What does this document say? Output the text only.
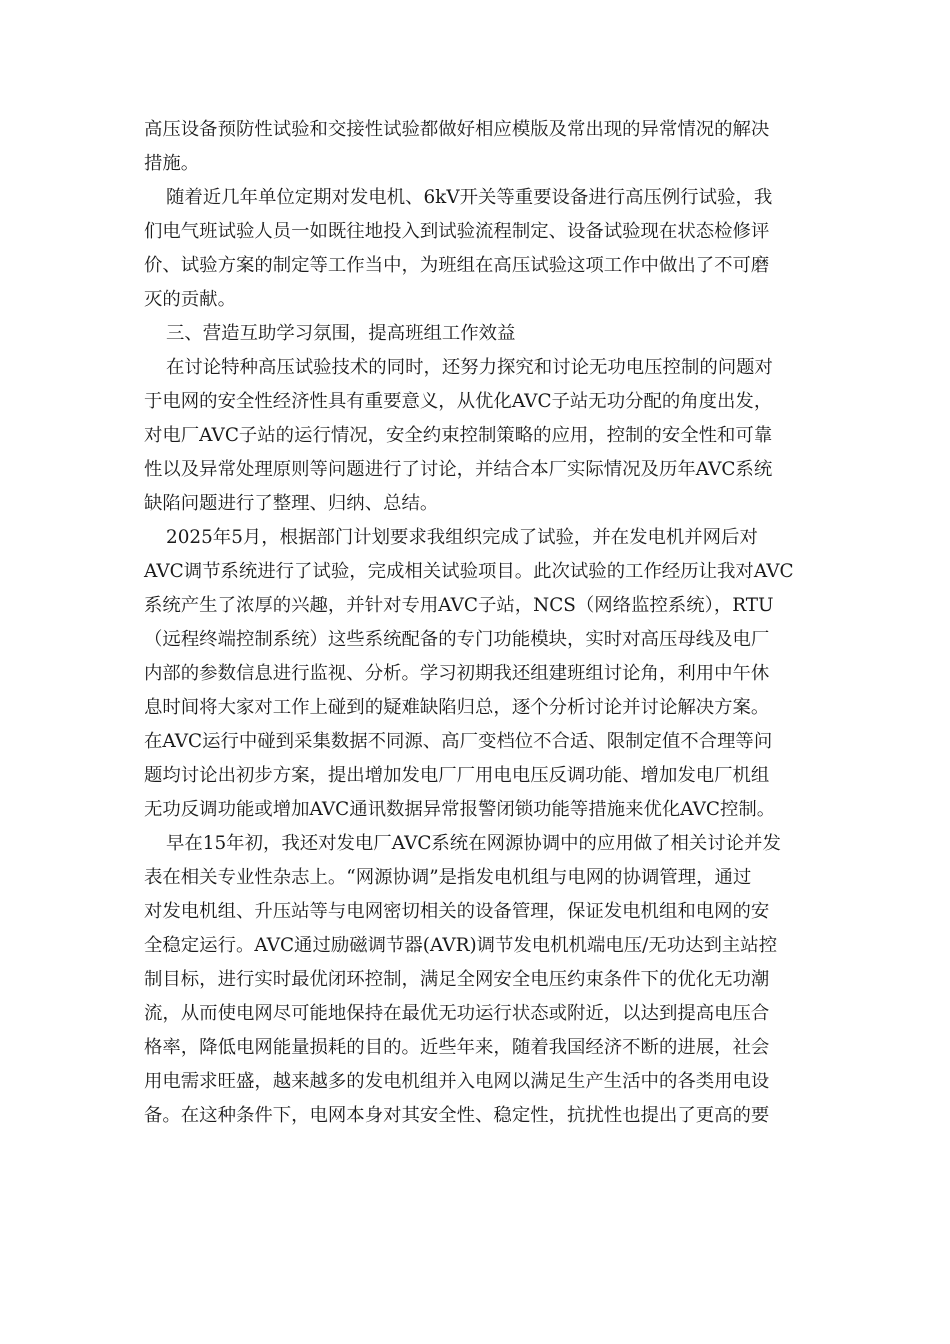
高压设备预防性试验和交接性试验都做好相应模版及常出现的异常情况的解决
措施。
随着近几年单位定期对发电机、6kV开关等重要设备进行高压例行试验，我
们电气班试验人员一如既往地投入到试验流程制定、设备试验现在状态检修评
价、试验方案的制定等工作当中，为班组在高压试验这项工作中做出了不可磨
灭的贡献。
三、营造互助学习氛围，提高班组工作效益
在讨论特种高压试验技术的同时，还努力探究和讨论无功电压控制的问题对
于电网的安全性经济性具有重要意义，从优化AVC子站无功分配的角度出发，
对电厂AVC子站的运行情况，安全约束控制策略的应用，控制的安全性和可靠
性以及异常处理原则等问题进行了讨论，并结合本厂实际情况及历年AVC系统
缺陷问题进行了整理、归纳、总结。
2025年5月，根据部门计划要求我组织完成了试验，并在发电机并网后对
AVC调节系统进行了试验，完成相关试验项目。此次试验的工作经历让我对AVC
系统产生了浓厚的兴趣，并针对专用AVC子站，NCS（网络监控系统），RTU
（远程终端控制系统）这些系统配备的专门功能模块，实时对高压母线及电厂
内部的参数信息进行监视、分析。学习初期我还组建班组讨论角，利用中午休
息时间将大家对工作上碰到的疑难缺陷归总，逐个分析讨论并讨论解决方案。
在AVC运行中碰到采集数据不同源、高厂变档位不合适、限制定值不合理等问
题均讨论出初步方案，提出增加发电厂厂用电电压反调功能、增加发电厂机组
无功反调功能或增加AVC通讯数据异常报警闭锁功能等措施来优化AVC控制。
早在15年初，我还对发电厂AVC系统在网源协调中的应用做了相关讨论并发
表在相关专业性杂志上。“网源协调”是指发电机组与电网的协调管理，通过
对发电机组、升压站等与电网密切相关的设备管理，保证发电机组和电网的安
全稳定运行。AVC通过励磁调节器(AVR)调节发电机机端电压/无功达到主站控
制目标，进行实时最优闭环控制，满足全网安全电压约束条件下的优化无功潮
流，从而使电网尽可能地保持在最优无功运行状态或附近，以达到提高电压合
格率，降低电网能量损耗的目的。近些年来，随着我国经济不断的进展，社会
用电需求旺盛，越来越多的发电机组并入电网以满足生产生活中的各类用电设
备。在这种条件下，电网本身对其安全性、稳定性，抗扰性也提出了更高的要
